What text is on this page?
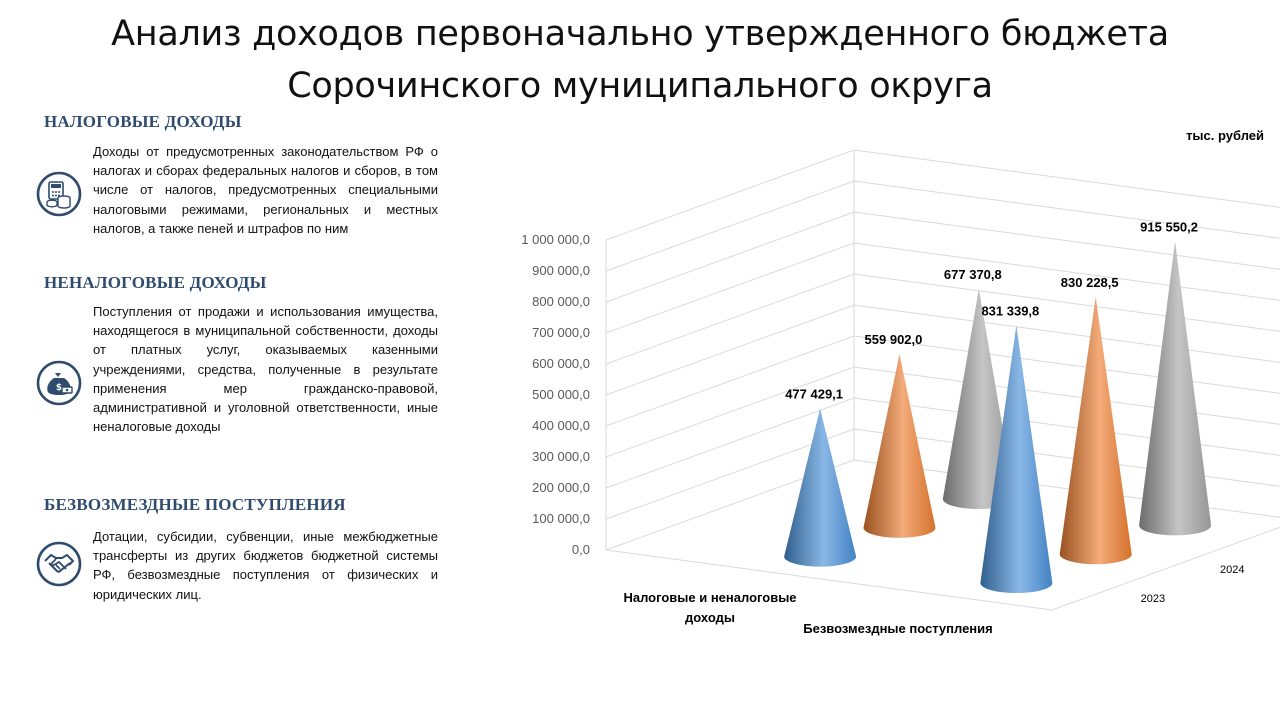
Анализ доходов первоначально утвержденного бюджета
Сорочинского муниципального округа
НАЛОГОВЫЕ ДОХОДЫ
Доходы от предусмотренных законодательством РФ о налогах и сборах федеральных налогов и сборов, в том числе от налогов, предусмотренных специальными налоговыми режимами, региональных и местных налогов, а также пеней и штрафов по ним
НЕНАЛОГОВЫЕ ДОХОДЫ
$
Поступления от продажи и использования имущества, находящегося в муниципальной собственности, доходы от платных услуг, оказываемых казенными учреждениями, средства, полученные в результате применения мер гражданско-правовой, административной и уголовной ответственности, иные неналоговые доходы
БЕЗВОЗМЕЗДНЫЕ ПОСТУПЛЕНИЯ
Дотации, субсидии, субвенции, иные межбюджетные трансферты из других бюджетов бюджетной системы РФ, безвозмездные поступления от физических и юридических лиц.
тыс. рублей
0,0
100 000,0
200 000,0
300 000,0
400 000,0
500 000,0
600 000,0
700 000,0
800 000,0
900 000,0
1 000 000,0
2023
2024
Налоговые и неналоговые доходы
Безвозмездные поступления
677 370,8
915 550,2
559 902,0
830 228,5
477 429,1
831 339,8
